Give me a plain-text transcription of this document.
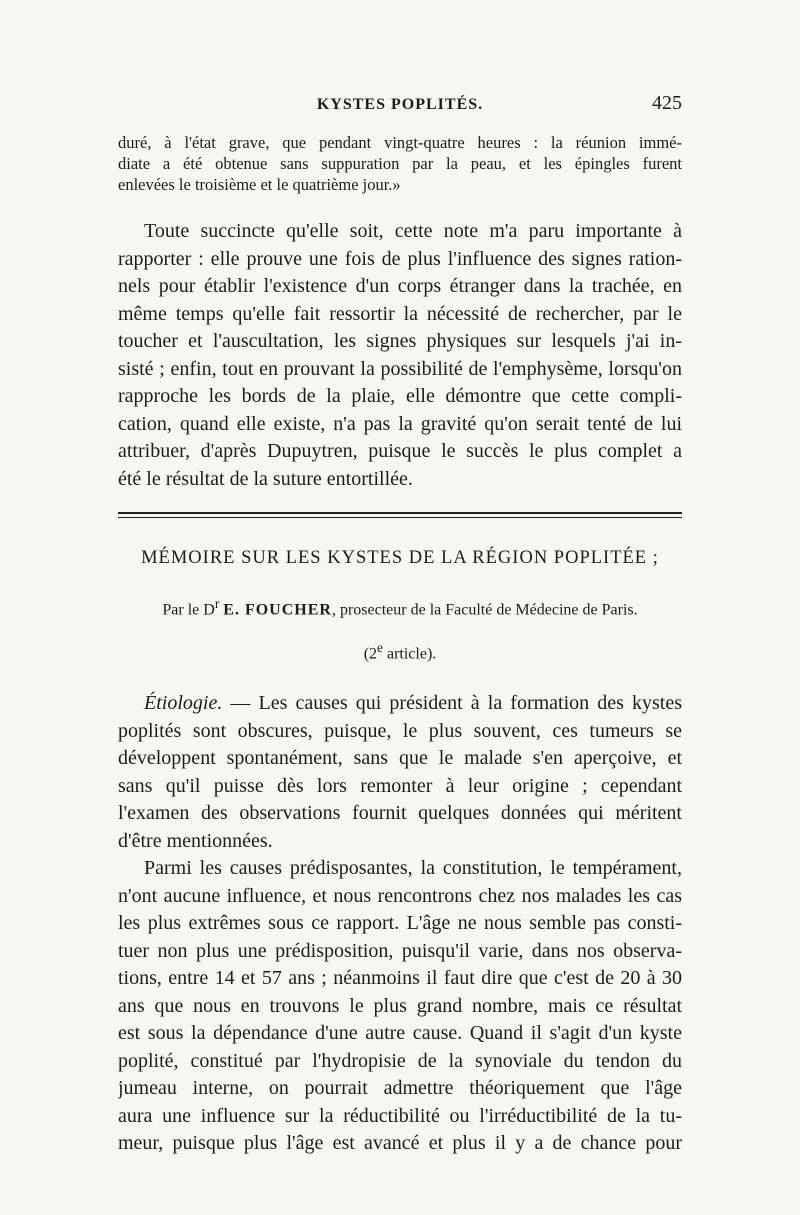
KYSTES POPLITÉS.	425
duré, à l'état grave, que pendant vingt-quatre heures : la réunion immé-
diate a été obtenue sans suppuration par la peau, et les épingles furent
enlevées le troisième et le quatrième jour.»
Toute succincte qu'elle soit, cette note m'a paru importante à
rapporter : elle prouve une fois de plus l'influence des signes ration-
nels pour établir l'existence d'un corps étranger dans la trachée, en
même temps qu'elle fait ressortir la nécessité de rechercher, par le
toucher et l'auscultation, les signes physiques sur lesquels j'ai in-
sisté ; enfin, tout en prouvant la possibilité de l'emphysème, lorsqu'on
rapproche les bords de la plaie, elle démontre que cette compli-
cation, quand elle existe, n'a pas la gravité qu'on serait tenté de lui
attribuer, d'après Dupuytren, puisque le succès le plus complet a
été le résultat de la suture entortillée.
MÉMOIRE SUR LES KYSTES DE LA RÉGION POPLITÉE ;
Par le $D^r$ E. FOUCHER, prosecteur de la Faculté de Médecine de Paris.
(2e article).
Étiologie. — Les causes qui président à la formation des kystes
poplités sont obscures, puisque, le plus souvent, ces tumeurs se
développent spontanément, sans que le malade s'en aperçoive, et
sans qu'il puisse dès lors remonter à leur origine ; cependant
l'examen des observations fournit quelques données qui méritent
d'être mentionnées.
Parmi les causes prédisposantes, la constitution, le tempérament,
n'ont aucune influence, et nous rencontrons chez nos malades les cas
les plus extrêmes sous ce rapport. L'âge ne nous semble pas consti-
tuer non plus une prédisposition, puisqu'il varie, dans nos observa-
tions, entre 14 et 57 ans ; néanmoins il faut dire que c'est de 20 à 30
ans que nous en trouvons le plus grand nombre, mais ce résultat
est sous la dépendance d'une autre cause. Quand il s'agit d'un kyste
poplité, constitué par l'hydropisie de la synoviale du tendon du
jumeau interne, on pourrait admettre théoriquement que l'âge
aura une influence sur la réductibilité ou l'irréductibilité de la tu-
meur, puisque plus l'âge est avancé et plus il y a de chance pour
